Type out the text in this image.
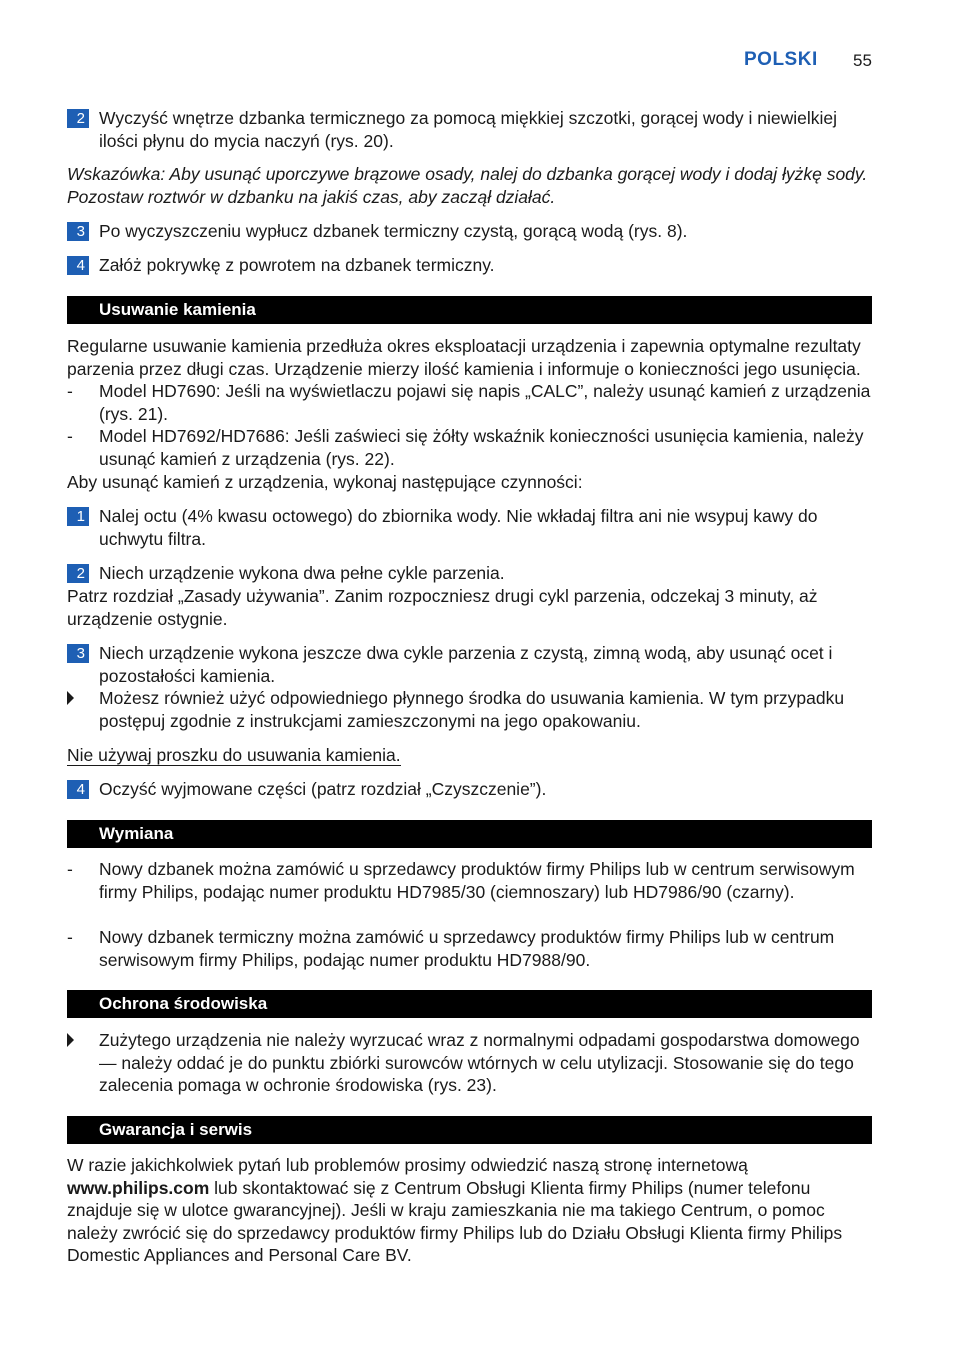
POLSKI 55
2 Wyczyść wnętrze dzbanka termicznego za pomocą miękkiej szczotki, gorącej wody i niewielkiej ilości płynu do mycia naczyń (rys. 20).
Wskazówka: Aby usunąć uporczywe brązowe osady, nalej do dzbanka gorącej wody i dodaj łyżkę sody. Pozostaw roztwór w dzbanku na jakiś czas, aby zaczął działać.
3 Po wyczyszczeniu wypłucz dzbanek termiczny czystą, gorącą wodą (rys. 8).
4 Załóż pokrywkę z powrotem na dzbanek termiczny.
Usuwanie kamienia
Regularne usuwanie kamienia przedłuża okres eksploatacji urządzenia i zapewnia optymalne rezultaty parzenia przez długi czas. Urządzenie mierzy ilość kamienia i informuje o konieczności jego usunięcia.
- Model HD7690: Jeśli na wyświetlaczu pojawi się napis „CALC”, należy usunąć kamień z urządzenia (rys. 21).
- Model HD7692/HD7686: Jeśli zaświeci się żółty wskaźnik konieczności usunięcia kamienia, należy usunąć kamień z urządzenia (rys. 22).
Aby usunąć kamień z urządzenia, wykonaj następujące czynności:
1 Nalej octu (4% kwasu octowego) do zbiornika wody. Nie wkładaj filtra ani nie wsypuj kawy do uchwytu filtra.
2 Niech urządzenie wykona dwa pełne cykle parzenia.
Patrz rozdział „Zasady używania”. Zanim rozpoczniesz drugi cykl parzenia, odczekaj 3 minuty, aż urządzenie ostygnie.
3 Niech urządzenie wykona jeszcze dwa cykle parzenia z czystą, zimną wodą, aby usunąć ocet i pozostałości kamienia.
Możesz również użyć odpowiedniego płynnego środka do usuwania kamienia. W tym przypadku postępuj zgodnie z instrukcjami zamieszczonymi na jego opakowaniu.
Nie używaj proszku do usuwania kamienia.
4 Oczyść wyjmowane części (patrz rozdział „Czyszczenie”).
Wymiana
- Nowy dzbanek można zamówić u sprzedawcy produktów firmy Philips lub w centrum serwisowym firmy Philips, podając numer produktu HD7985/30 (ciemnoszary) lub HD7986/90 (czarny).
- Nowy dzbanek termiczny można zamówić u sprzedawcy produktów firmy Philips lub w centrum serwisowym firmy Philips, podając numer produktu HD7988/90.
Ochrona środowiska
Zużytego urządzenia nie należy wyrzucać wraz z normalnymi odpadami gospodarstwa domowego — należy oddać je do punktu zbiórki surowców wtórnych w celu utylizacji. Stosowanie się do tego zalecenia pomaga w ochronie środowiska (rys. 23).
Gwarancja i serwis
W razie jakichkolwiek pytań lub problemów prosimy odwiedzić naszą stronę internetową www.philips.com lub skontaktować się z Centrum Obsługi Klienta firmy Philips (numer telefonu znajduje się w ulotce gwarancyjnej). Jeśli w kraju zamieszkania nie ma takiego Centrum, o pomoc należy zwrócić się do sprzedawcy produktów firmy Philips lub do Działu Obsługi Klienta firmy Philips Domestic Appliances and Personal Care BV.
